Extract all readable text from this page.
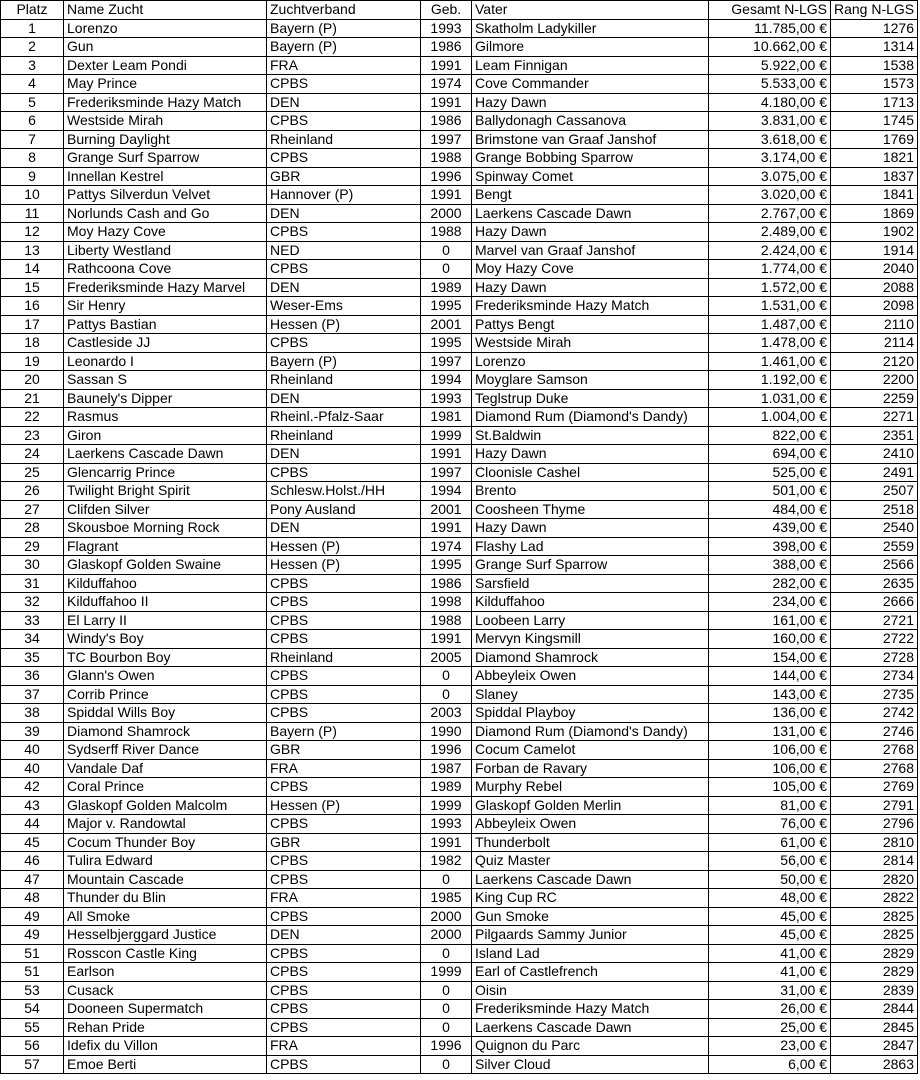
Platz	Name Zucht	Zuchtverband	Geb.	Vater	Gesamt N-LGS	Rang N-LGS
1	Lorenzo	Bayern (P)	1993	Skatholm Ladykiller	11.785,00 €	1276
2	Gun	Bayern (P)	1986	Gilmore	10.662,00 €	1314
3	Dexter Leam Pondi	FRA	1991	Leam Finnigan	5.922,00 €	1538
4	May Prince	CPBS	1974	Cove Commander	5.533,00 €	1573
5	Frederiksminde Hazy Match	DEN	1991	Hazy Dawn	4.180,00 €	1713
6	Westside Mirah	CPBS	1986	Ballydonagh Cassanova	3.831,00 €	1745
7	Burning Daylight	Rheinland	1997	Brimstone van Graaf Janshof	3.618,00 €	1769
8	Grange Surf Sparrow	CPBS	1988	Grange Bobbing Sparrow	3.174,00 €	1821
9	Innellan Kestrel	GBR	1996	Spinway Comet	3.075,00 €	1837
10	Pattys Silverdun Velvet	Hannover (P)	1991	Bengt	3.020,00 €	1841
11	Norlunds Cash and Go	DEN	2000	Laerkens Cascade Dawn	2.767,00 €	1869
12	Moy Hazy Cove	CPBS	1988	Hazy Dawn	2.489,00 €	1902
13	Liberty Westland	NED	0	Marvel van Graaf Janshof	2.424,00 €	1914
14	Rathcoona Cove	CPBS	0	Moy Hazy Cove	1.774,00 €	2040
15	Frederiksminde Hazy Marvel	DEN	1989	Hazy Dawn	1.572,00 €	2088
16	Sir Henry	Weser-Ems	1995	Frederiksminde Hazy Match	1.531,00 €	2098
17	Pattys Bastian	Hessen (P)	2001	Pattys Bengt	1.487,00 €	2110
18	Castleside JJ	CPBS	1995	Westside Mirah	1.478,00 €	2114
19	Leonardo I	Bayern (P)	1997	Lorenzo	1.461,00 €	2120
20	Sassan S	Rheinland	1994	Moyglare Samson	1.192,00 €	2200
21	Baunely's Dipper	DEN	1993	Teglstrup Duke	1.031,00 €	2259
22	Rasmus	Rheinl.-Pfalz-Saar	1981	Diamond Rum (Diamond's Dandy)	1.004,00 €	2271
23	Giron	Rheinland	1999	St.Baldwin	822,00 €	2351
24	Laerkens Cascade Dawn	DEN	1991	Hazy Dawn	694,00 €	2410
25	Glencarrig Prince	CPBS	1997	Cloonisle Cashel	525,00 €	2491
26	Twilight Bright Spirit	Schlesw.Holst./HH	1994	Brento	501,00 €	2507
27	Clifden Silver	Pony Ausland	2001	Coosheen Thyme	484,00 €	2518
28	Skousboe Morning Rock	DEN	1991	Hazy Dawn	439,00 €	2540
29	Flagrant	Hessen (P)	1974	Flashy Lad	398,00 €	2559
30	Glaskopf Golden Swaine	Hessen (P)	1995	Grange Surf Sparrow	388,00 €	2566
31	Kilduffahoo	CPBS	1986	Sarsfield	282,00 €	2635
32	Kilduffahoo II	CPBS	1998	Kilduffahoo	234,00 €	2666
33	El Larry II	CPBS	1988	Loobeen Larry	161,00 €	2721
34	Windy's Boy	CPBS	1991	Mervyn Kingsmill	160,00 €	2722
35	TC Bourbon Boy	Rheinland	2005	Diamond Shamrock	154,00 €	2728
36	Glann's Owen	CPBS	0	Abbeyleix Owen	144,00 €	2734
37	Corrib Prince	CPBS	0	Slaney	143,00 €	2735
38	Spiddal Wills Boy	CPBS	2003	Spiddal Playboy	136,00 €	2742
39	Diamond Shamrock	Bayern (P)	1990	Diamond Rum (Diamond's Dandy)	131,00 €	2746
40	Sydserff River Dance	GBR	1996	Cocum Camelot	106,00 €	2768
40	Vandale Daf	FRA	1987	Forban de Ravary	106,00 €	2768
42	Coral Prince	CPBS	1989	Murphy Rebel	105,00 €	2769
43	Glaskopf Golden Malcolm	Hessen (P)	1999	Glaskopf Golden Merlin	81,00 €	2791
44	Major v. Randowtal	CPBS	1993	Abbeyleix Owen	76,00 €	2796
45	Cocum Thunder Boy	GBR	1991	Thunderbolt	61,00 €	2810
46	Tulira Edward	CPBS	1982	Quiz Master	56,00 €	2814
47	Mountain Cascade	CPBS	0	Laerkens Cascade Dawn	50,00 €	2820
48	Thunder du Blin	FRA	1985	King Cup RC	48,00 €	2822
49	All Smoke	CPBS	2000	Gun Smoke	45,00 €	2825
49	Hesselbjerggard Justice	DEN	2000	Pilgaards Sammy Junior	45,00 €	2825
51	Rosscon Castle King	CPBS	0	Island Lad	41,00 €	2829
51	Earlson	CPBS	1999	Earl of Castlefrench	41,00 €	2829
53	Cusack	CPBS	0	Oisin	31,00 €	2839
54	Dooneen Supermatch	CPBS	0	Frederiksminde Hazy Match	26,00 €	2844
55	Rehan Pride	CPBS	0	Laerkens Cascade Dawn	25,00 €	2845
56	Idefix du Villon	FRA	1996	Quignon du Parc	23,00 €	2847
57	Emoe Berti	CPBS	0	Silver Cloud	6,00 €	2863
